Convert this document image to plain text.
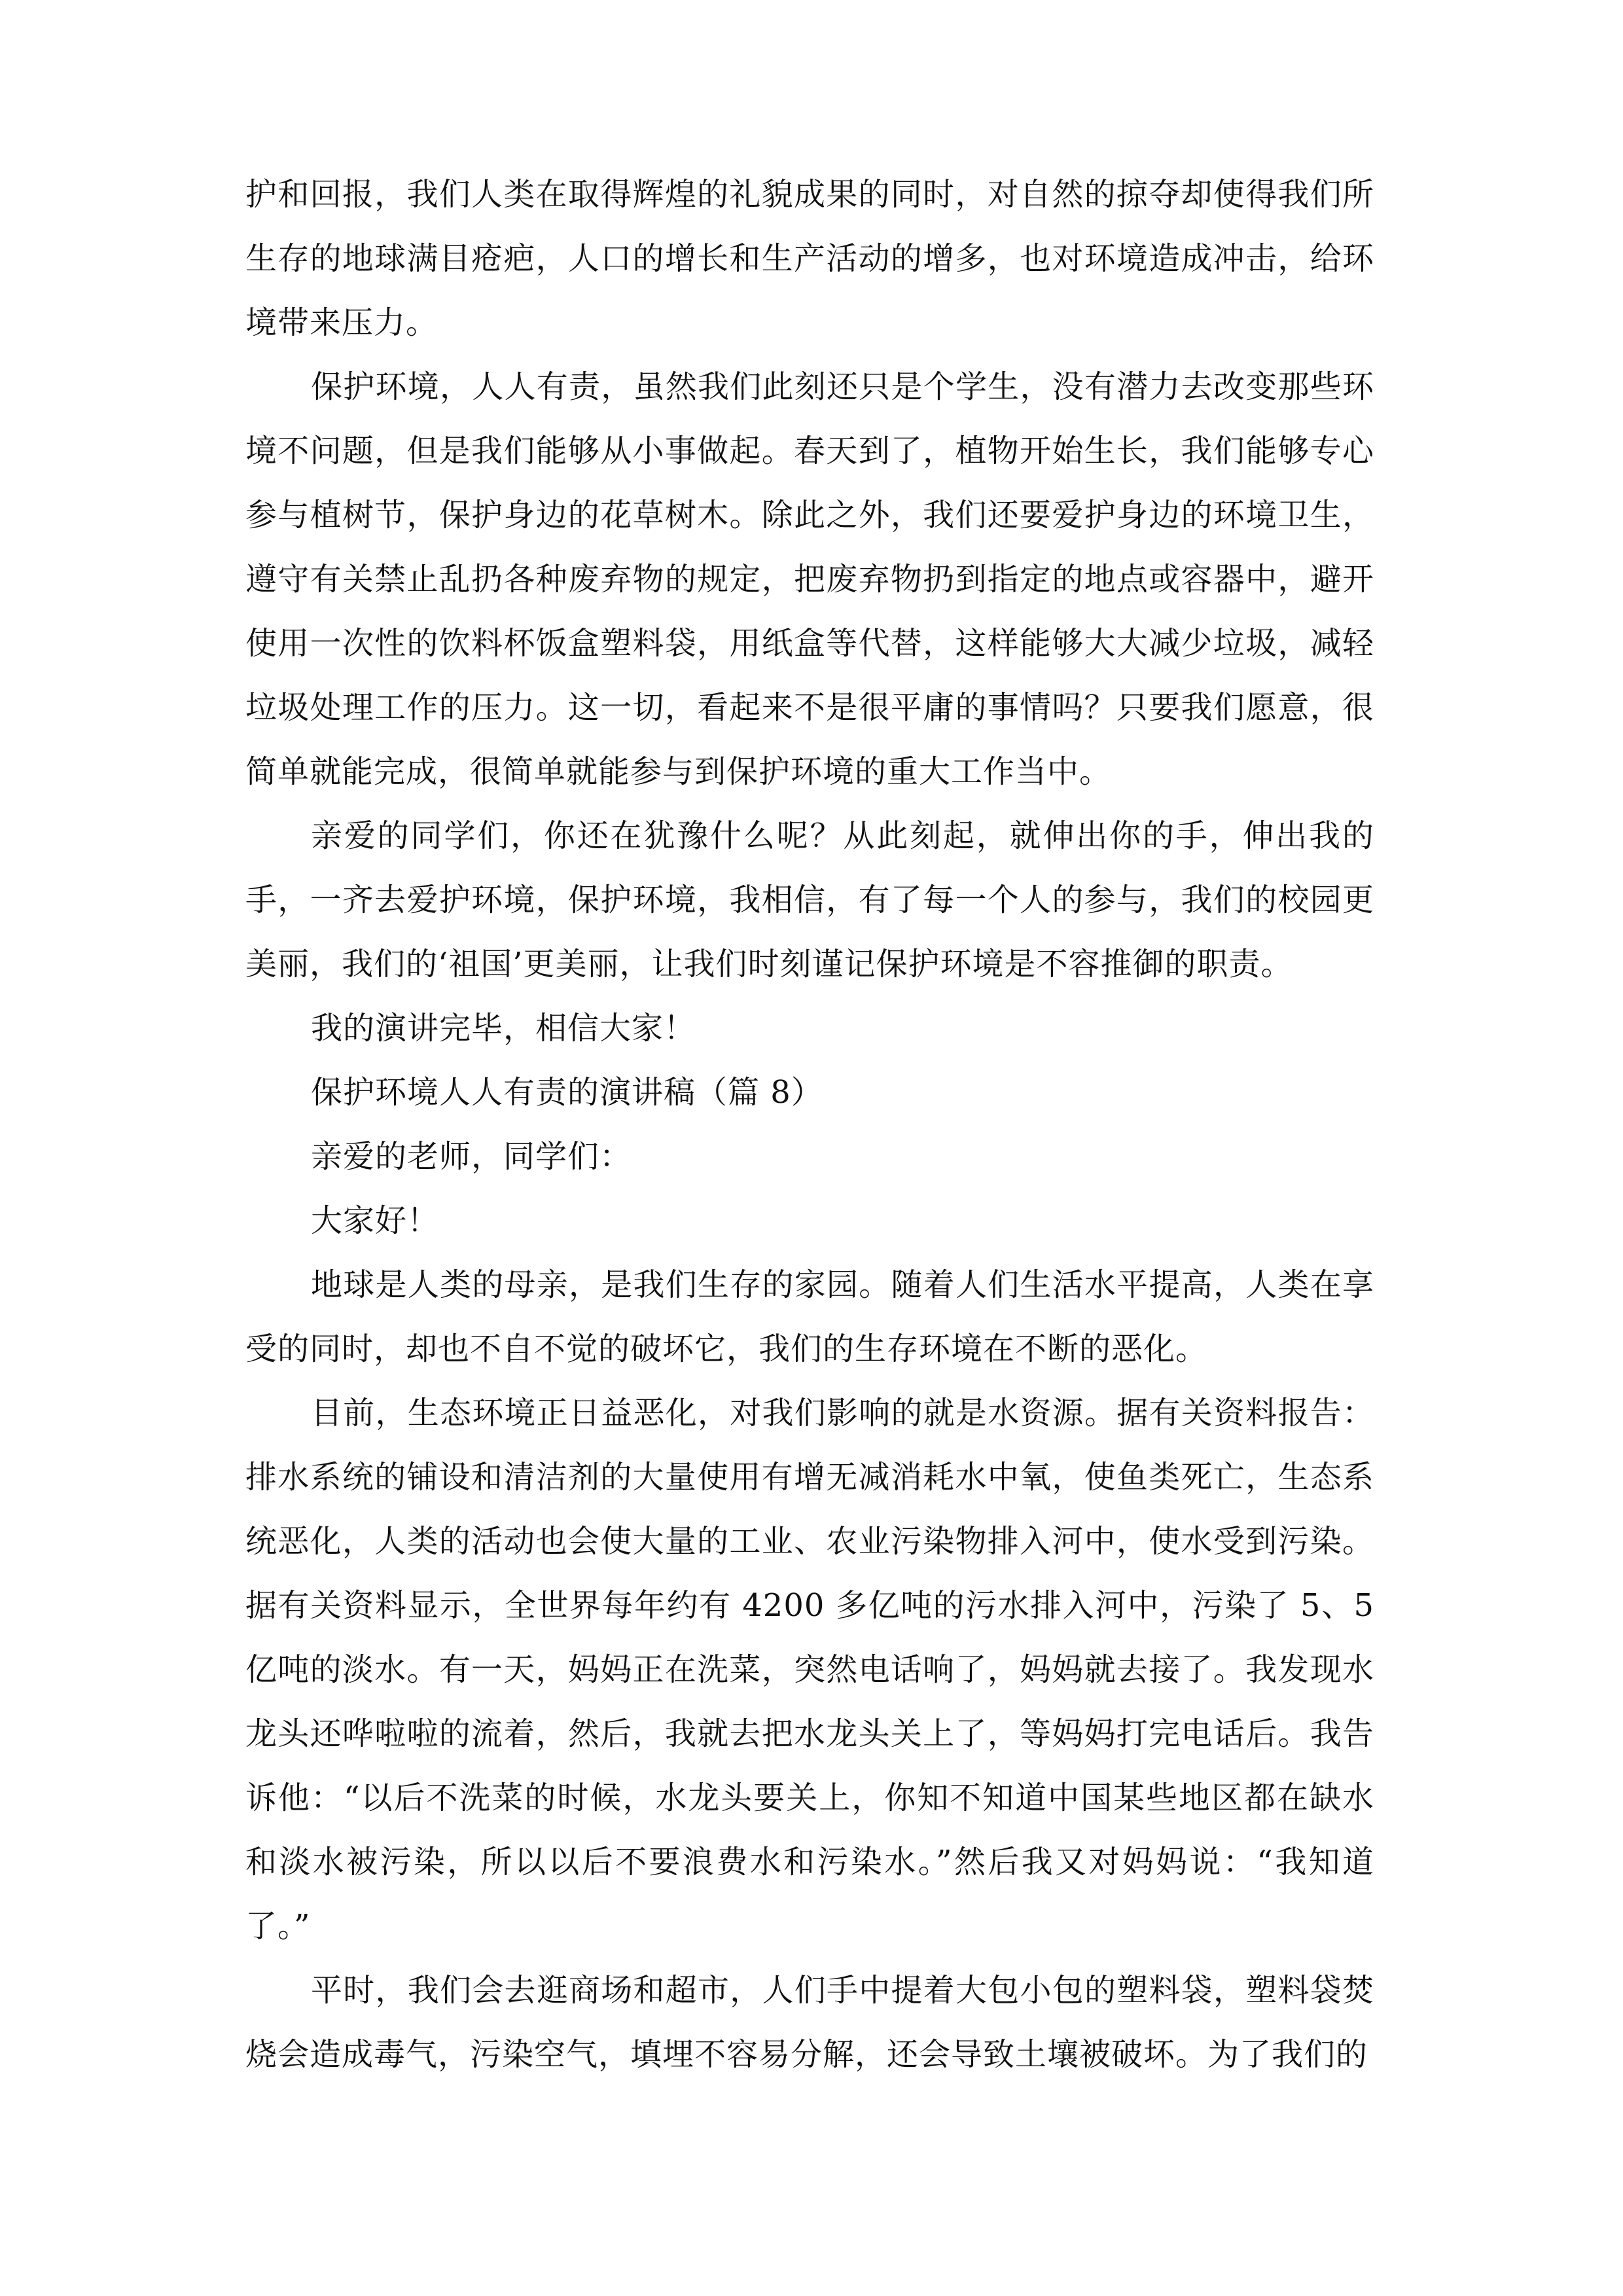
护和回报，我们人类在取得辉煌的礼貌成果的同时，对自然的掠夺却使得我们所生存的地球满目疮疤，人口的增长和生产活动的增多，也对环境造成冲击，给环境带来压力。

保护环境，人人有责，虽然我们此刻还只是个学生，没有潜力去改变那些环境不问题，但是我们能够从小事做起。春天到了，植物开始生长，我们能够专心参与植树节，保护身边的花草树木。除此之外，我们还要爱护身边的环境卫生，遵守有关禁止乱扔各种废弃物的规定，把废弃物扔到指定的地点或容器中，避开使用一次性的饮料杯饭盒塑料袋，用纸盒等代替，这样能够大大减少垃圾，减轻垃圾处理工作的压力。这一切，看起来不是很平庸的事情吗？只要我们愿意，很简单就能完成，很简单就能参与到保护环境的重大工作当中。

亲爱的同学们，你还在犹豫什么呢？从此刻起，就伸出你的手，伸出我的手，一齐去爱护环境，保护环境，我相信，有了每一个人的参与，我们的校园更美丽，我们的‘祖国’更美丽，让我们时刻谨记保护环境是不容推御的职责。

我的演讲完毕，相信大家！

保护环境人人有责的演讲稿（篇 8）

亲爱的老师，同学们：

大家好！

地球是人类的母亲，是我们生存的家园。随着人们生活水平提高，人类在享受的同时，却也不自不觉的破坏它，我们的生存环境在不断的恶化。

目前，生态环境正日益恶化，对我们影响的就是水资源。据有关资料报告：排水系统的铺设和清洁剂的大量使用有增无减消耗水中氧，使鱼类死亡，生态系统恶化，人类的活动也会使大量的工业、农业污染物排入河中，使水受到污染。据有关资料显示，全世界每年约有 4200 多亿吨的污水排入河中，污染了 5、5 亿吨的淡水。有一天，妈妈正在洗菜，突然电话响了，妈妈就去接了。我发现水龙头还哗啦啦的流着，然后，我就去把水龙头关上了，等妈妈打完电话后。我告诉他：“以后不洗菜的时候，水龙头要关上，你知不知道中国某些地区都在缺水和淡水被污染，所以以后不要浪费水和污染水。”然后我又对妈妈说：“我知道了。”

平时，我们会去逛商场和超市，人们手中提着大包小包的塑料袋，塑料袋焚烧会造成毒气，污染空气，填埋不容易分解，还会导致土壤被破坏。为了我们的
